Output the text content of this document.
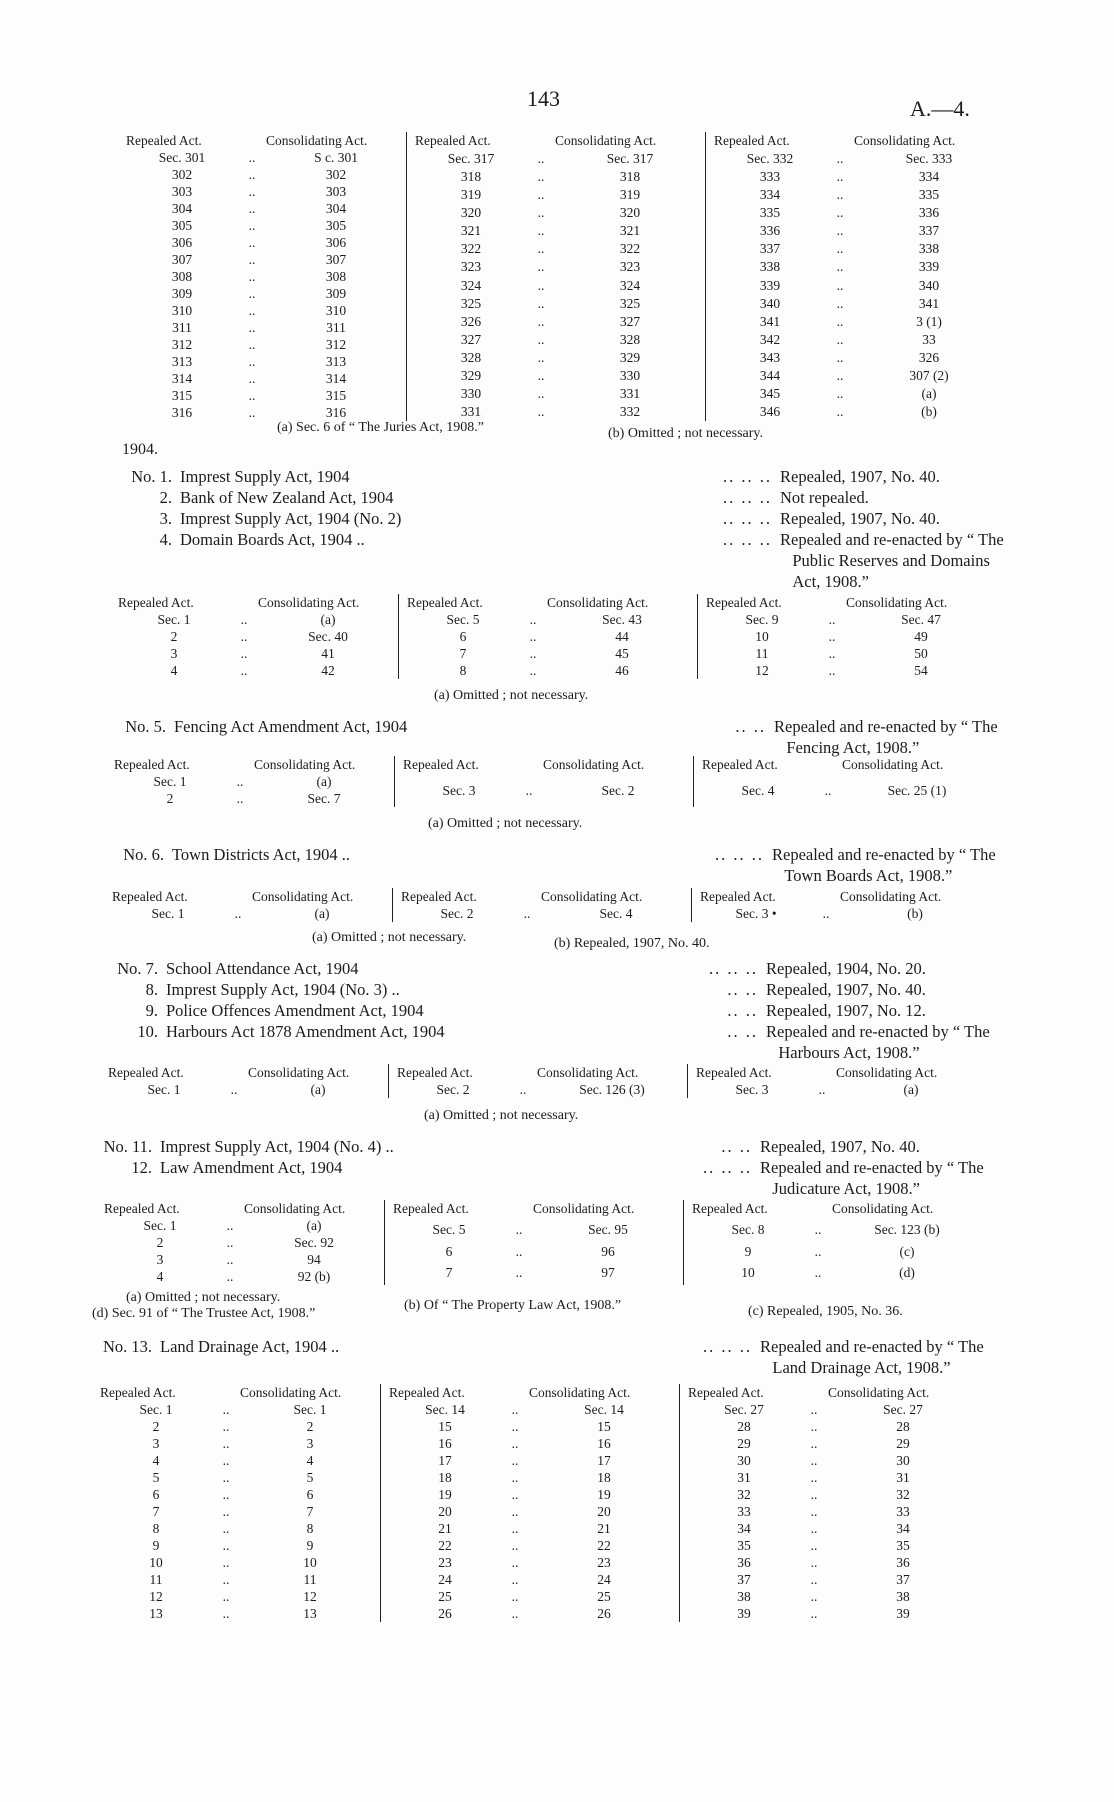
143	A.—4.
Repealed Act.	Consolidating Act.
Sec. 301	..	S c. 301
302	..	302
303	..	303
304	..	304
305	..	305
306	..	306
307	..	307
308	..	308
309	..	309
310	..	310
311	..	311
312	..	312
313	..	313
314	..	314
315	..	315
316	..	316
Repealed Act.	Consolidating Act.
Sec. 317	..	Sec. 317
318	..	318
319	..	319
320	..	320
321	..	321
322	..	322
323	..	323
324	..	324
325	..	325
326	..	327
327	..	328
328	..	329
329	..	330
330	..	331
331	..	332
Repealed Act.	Consolidating Act.
Sec. 332	..	Sec. 333
333	..	334
334	..	335
335	..	336
336	..	337
337	..	338
338	..	339
339	..	340
340	..	341
341	..	3 (1)
342	..	33
343	..	326
344	..	307 (2)
345	..	(a)
346	..	(b)
(a) Sec. 6 of “ The Juries Act, 1908.”	(b) Omitted ; not necessary.
1904.
No. 1. Imprest Supply Act, 1904	.. .. .. Repealed, 1907, No. 40.
2. Bank of New Zealand Act, 1904	.. .. .. Not repealed.
3. Imprest Supply Act, 1904 (No. 2)	.. .. .. Repealed, 1907, No. 40.
4. Domain Boards Act, 1904 ..	.. .. .. Repealed and re-enacted by “ The
Public Reserves and Domains
Act, 1908.”
Repealed Act.	Consolidating Act.
Sec. 1	..	(a)
2	..	Sec. 40
3	..	41
4	..	42
Repealed Act.	Consolidating Act.
Sec. 5	..	Sec. 43
6	..	44
7	..	45
8	..	46
Repealed Act.	Consolidating Act.
Sec. 9	..	Sec. 47
10	..	49
11	..	50
12	..	54
(a) Omitted ; not necessary.
No. 5. Fencing Act Amendment Act, 1904	.. .. Repealed and re-enacted by “ The
Fencing Act, 1908.”
Repealed Act.	Consolidating Act.
Sec. 1	..	(a)
2	..	Sec. 7
Repealed Act.	Consolidating Act.
Sec. 3	..	Sec. 2
Repealed Act.	Consolidating Act.
Sec. 4	..	Sec. 25 (1)
(a) Omitted ; not necessary.
No. 6. Town Districts Act, 1904 ..	.. .. .. Repealed and re-enacted by “ The
Town Boards Act, 1908.”
Repealed Act.	Consolidating Act.
Sec. 1	..	(a)
Repealed Act.	Consolidating Act.
Sec. 2	..	Sec. 4
Repealed Act.	Consolidating Act.
Sec. 3 •	..	(b)
(a) Omitted ; not necessary.	(b) Repealed, 1907, No. 40.
No. 7. School Attendance Act, 1904	.. .. .. Repealed, 1904, No. 20.
8. Imprest Supply Act, 1904 (No. 3) ..	.. .. Repealed, 1907, No. 40.
9. Police Offences Amendment Act, 1904	.. .. Repealed, 1907, No. 12.
10. Harbours Act 1878 Amendment Act, 1904	.. .. Repealed and re-enacted by “ The
Harbours Act, 1908.”
Repealed Act.	Consolidating Act.
Sec. 1	..	(a)
Repealed Act.	Consolidating Act.
Sec. 2	..	Sec. 126 (3)
Repealed Act.	Consolidating Act.
Sec. 3	..	(a)
(a) Omitted ; not necessary.
No. 11. Imprest Supply Act, 1904 (No. 4) ..	.. .. Repealed, 1907, No. 40.
12. Law Amendment Act, 1904	.. .. .. Repealed and re-enacted by “ The
Judicature Act, 1908.”
Repealed Act.	Consolidating Act.
Sec. 1	..	(a)
2	..	Sec. 92
3	..	94
4	..	92 (b)
Repealed Act.	Consolidating Act.
Sec. 5	..	Sec. 95
6	..	96
7	..	97
Repealed Act.	Consolidating Act.
Sec. 8	..	Sec. 123 (b)
9	..	(c)
10	..	(d)
(a) Omitted ; not necessary.
(d) Sec. 91 of “ The Trustee Act, 1908.”
(b) Of “ The Property Law Act, 1908.”	(c) Repealed, 1905, No. 36.
No. 13. Land Drainage Act, 1904 ..	.. .. .. Repealed and re-enacted by “ The
Land Drainage Act, 1908.”
Repealed Act.	Consolidating Act.
Sec. 1	..	Sec. 1
2	..	2
3	..	3
4	..	4
5	..	5
6	..	6
7	..	7
8	..	8
9	..	9
10	..	10
11	..	11
12	..	12
13	..	13
Repealed Act.	Consolidating Act.
Sec. 14	..	Sec. 14
15	..	15
16	..	16
17	..	17
18	..	18
19	..	19
20	..	20
21	..	21
22	..	22
23	..	23
24	..	24
25	..	25
26	..	26
Repealed Act.	Consolidating Act.
Sec. 27	..	Sec. 27
28	..	28
29	..	29
30	..	30
31	..	31
32	..	32
33	..	33
34	..	34
35	..	35
36	..	36
37	..	37
38	..	38
39	..	39
